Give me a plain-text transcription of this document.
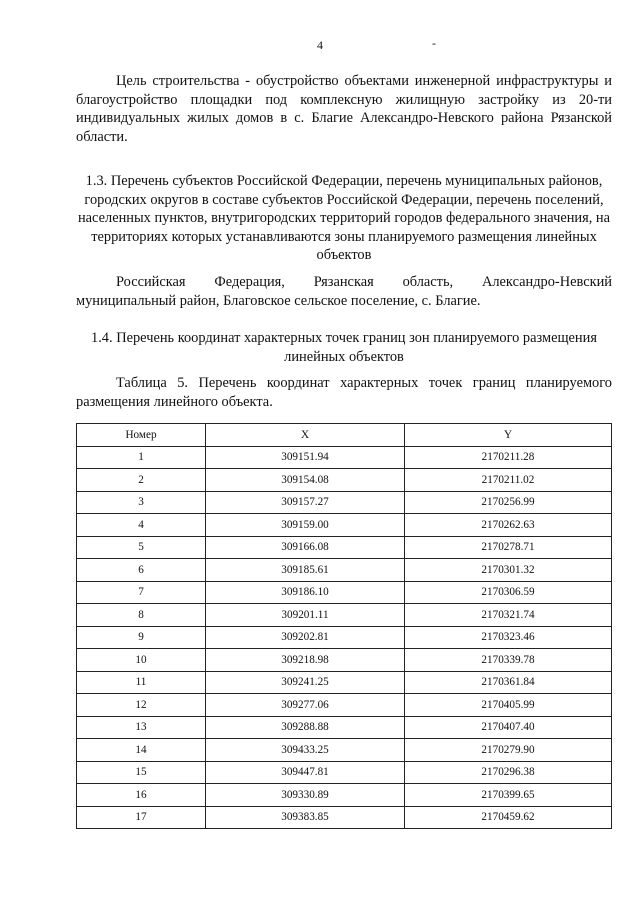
4	-

Цель строительства - обустройство объектами инженерной инфраструктуры и благоустройство площадки под комплексную жилищную застройку из 20-ти индивидуальных жилых домов в с. Благие Александро-Невского района Рязанской области.

1.3. Перечень субъектов Российской Федерации, перечень муниципальных районов, городских округов в составе субъектов Российской Федерации, перечень поселений, населенных пунктов, внутригородских территорий городов федерального значения, на территориях которых устанавливаются зоны планируемого размещения линейных объектов

Российская Федерация, Рязанская область, Александро-Невский муниципальный район, Благовское сельское поселение, с. Благие.

1.4. Перечень координат характерных точек границ зон планируемого размещения линейных объектов

Таблица 5. Перечень координат характерных точек границ планируемого размещения линейного объекта.

Номер	X	Y
1	309151.94	2170211.28
2	309154.08	2170211.02
3	309157.27	2170256.99
4	309159.00	2170262.63
5	309166.08	2170278.71
6	309185.61	2170301.32
7	309186.10	2170306.59
8	309201.11	2170321.74
9	309202.81	2170323.46
10	309218.98	2170339.78
11	309241.25	2170361.84
12	309277.06	2170405.99
13	309288.88	2170407.40
14	309433.25	2170279.90
15	309447.81	2170296.38
16	309330.89	2170399.65
17	309383.85	2170459.62
